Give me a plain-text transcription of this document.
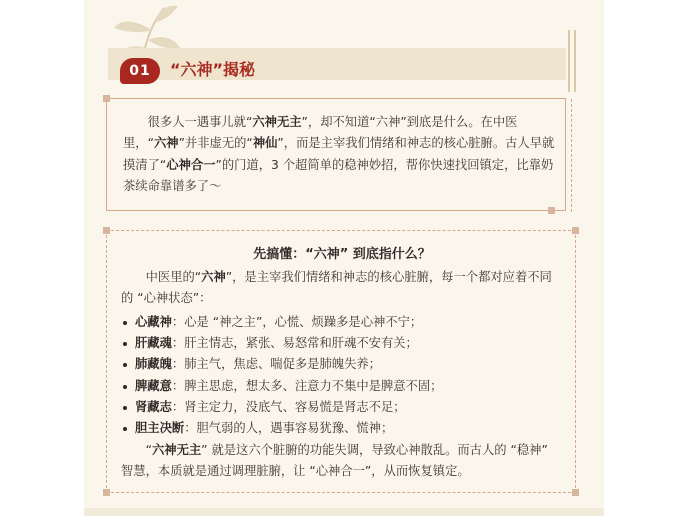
01	“六神”揭秘

很多人一遇事儿就“六神无主”，却不知道“六神”到底是什么。在中医里，“六神”并非虚无的“神仙”，而是主宰我们情绪和神志的核心脏腑。古人早就摸清了“心神合一”的门道，3 个超简单的稳神妙招，帮你快速找回镇定，比靠奶茶续命靠谱多了～

先搞懂：“六神” 到底指什么？

中医里的“六神”，是主宰我们情绪和神志的核心脏腑，每一个都对应着不同的 “心神状态”：

心藏神：心是 “神之主”，心慌、烦躁多是心神不宁；
肝藏魂：肝主情志，紧张、易怒常和肝魂不安有关；
肺藏魄：肺主气，焦虑、喘促多是肺魄失养；
脾藏意：脾主思虑，想太多、注意力不集中是脾意不固；
肾藏志：肾主定力，没底气、容易慌是肾志不足；
胆主决断：胆气弱的人，遇事容易犹豫、慌神；

“六神无主” 就是这六个脏腑的功能失调，导致心神散乱。而古人的 “稳神” 智慧，本质就是通过调理脏腑，让 “心神合一”，从而恢复镇定。
